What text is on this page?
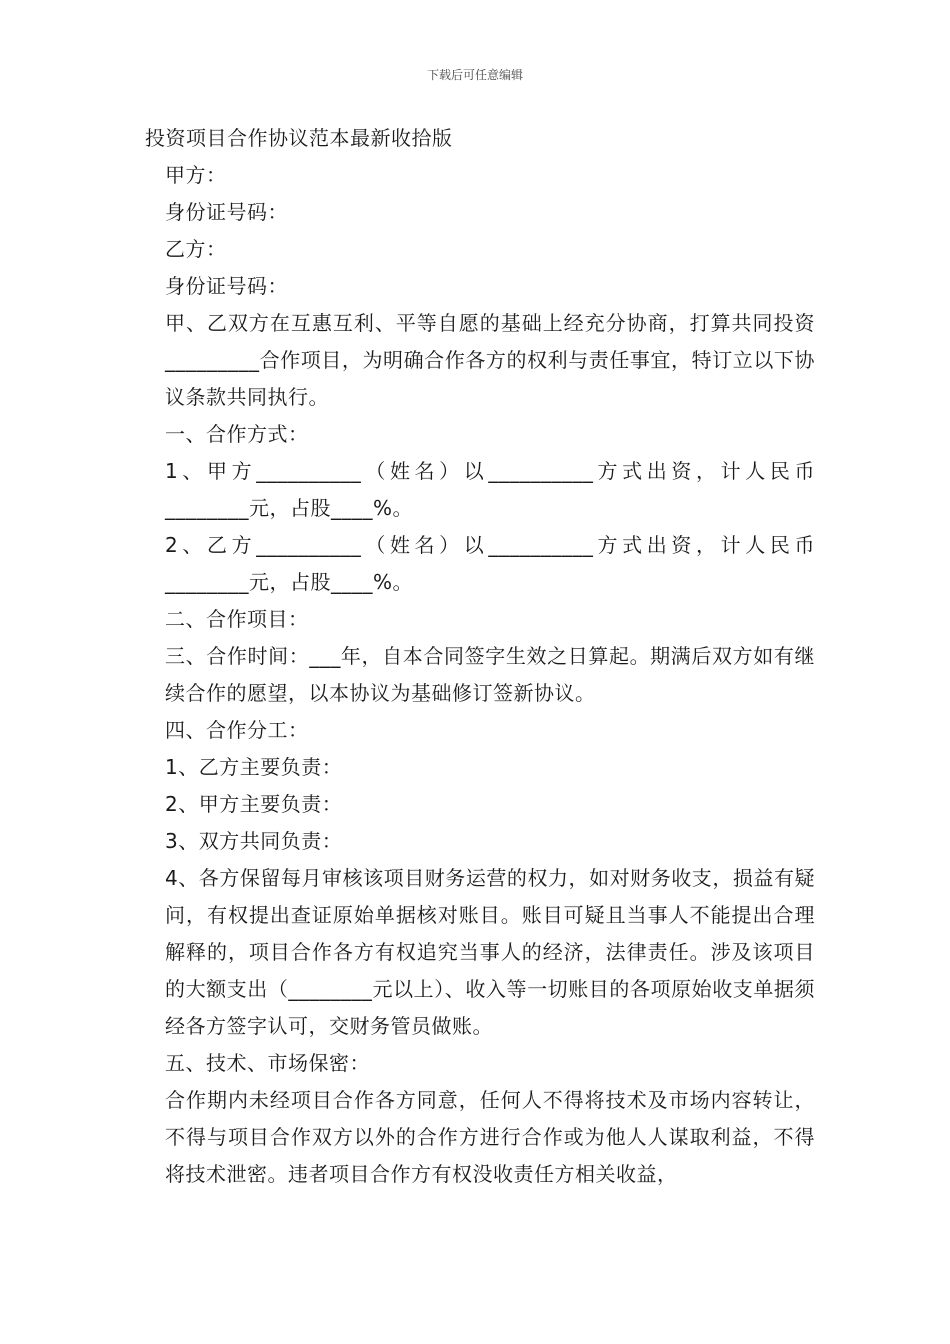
下载后可任意编辑

投资项目合作协议范本最新收拾版

甲方：

身份证号码：

乙方：

身份证号码：

甲、乙双方在互惠互利、平等自愿的基础上经充分协商，打算共同投资_________合作项目，为明确合作各方的权利与责任事宜，特订立以下协议条款共同执行。

一、合作方式：

1、甲方__________（姓名）以__________方式出资，计人民币________元，占股____%。

2、乙方__________（姓名）以__________方式出资，计人民币________元，占股____%。

二、合作项目：

三、合作时间：___年，自本合同签字生效之日算起。期满后双方如有继续合作的愿望，以本协议为基础修订签新协议。

四、合作分工：

1、乙方主要负责：

2、甲方主要负责：

3、双方共同负责：

4、各方保留每月审核该项目财务运营的权力，如对财务收支，损益有疑问，有权提出查证原始单据核对账目。账目可疑且当事人不能提出合理解释的，项目合作各方有权追究当事人的经济，法律责任。涉及该项目的大额支出（________元以上）、收入等一切账目的各项原始收支单据须经各方签字认可，交财务管员做账。

五、技术、市场保密：

合作期内未经项目合作各方同意，任何人不得将技术及市场内容转让，不得与项目合作双方以外的合作方进行合作或为他人人谋取利益，不得将技术泄密。违者项目合作方有权没收责任方相关收益，
